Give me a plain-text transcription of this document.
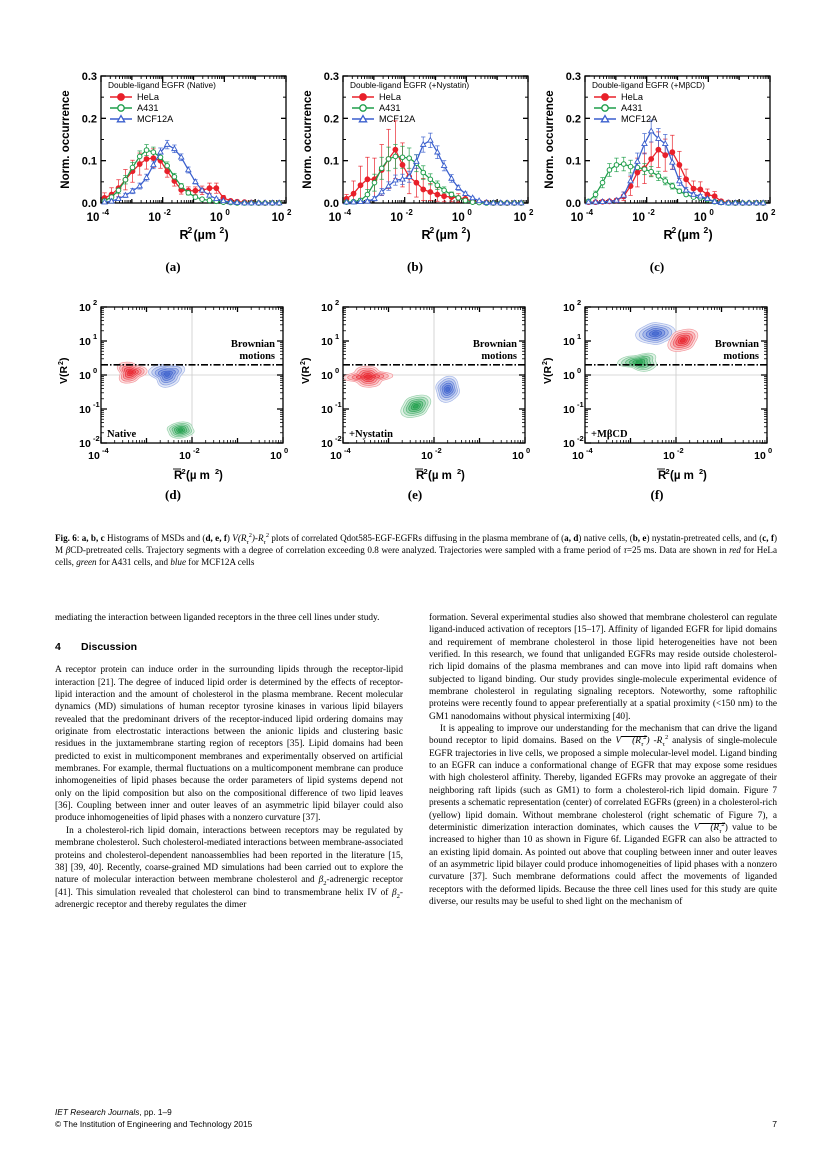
0.0
0.1
0.2
0.3
10 -4	10 -2	10 0	10 2
R
2 (µm 2 )
Norm. occurrence
Double-ligand EGFR (Native)
HeLa
A431
MCF12A
(a)
0.0
0.1
0.2
0.3
10 -4	10 -2	10 0	10 2
R
2 (µm 2 )
Norm. occurrence
Double-ligand EGFR (+Nystatin)
HeLa
A431
MCF12A
(b)
0.0
0.1
0.2
0.3
10 -4	10 -2	10 0	10 2
R
2 (µm 2 )
Norm. occurrence
Double-ligand EGFR (+MβCD)
HeLa
A431
MCF12A
(c)
10 -2
10 -1
10 0
10 1
10 2
10 -4	10 -2	10 0
R 2 (µ m 2 )
V(R
2
)
Brownian
motions
Native
(d)
10 -2
10 -1
10 0
10 1
10 2
10 -4	10 -2	10 0
R 2 (µ m 2 )
V(R
2
)
Brownian
motions
+Nystatin
(e)
10 -2
10 -1
10 0
10 1
10 2
10 -4	10 -2	10 0
R 2 (µ m 2 )
V(R
2
)
Brownian
motions
+MβCD
(f)
Fig. 6: a, b, c Histograms of MSDs and (d, e, f) $V(R_\tau^2)-R_\tau^2$ plots of correlated Qdot585-EGF-EGFRs diffusing in the plasma membrane of (a, d) native cells, (b, e) nystatin-pretreated cells, and (c, f) M βCD-pretreated cells. Trajectory segments with a degree of correlation exceeding 0.8 were analyzed. Trajectories were sampled with a frame period of τ=25 ms. Data are shown in red for HeLa cells, green for A431 cells, and blue for MCF12A cells

mediating the interaction between liganded receptors in the three cell lines under study.

4	Discussion

A receptor protein can induce order in the surrounding lipids through the receptor-lipid interaction [21]. The degree of induced lipid order is determined by the effects of receptor-lipid interaction and the amount of cholesterol in the plasma membrane. Recent molecular dynamics (MD) simulations of human receptor tyrosine kinases in various lipid bilayers revealed that the predominant drivers of the receptor-induced lipid ordering domains may originate from electrostatic interactions between the anionic lipids and clustering basic residues in the juxtamembrane starting region of receptors [35]. Lipid domains had been predicted to exist in multicomponent membranes and experimentally observed on artificial membranes. For example, thermal fluctuations on a multicomponent membrane can produce inhomogeneities of lipid phases because the order parameters of lipid systems depend not only on the lipid composition but also on the compositional difference of two lipid leaves [36]. Coupling between inner and outer leaves of an asymmetric lipid bilayer could also produce inhomogeneities of lipid phases with a nonzero curvature [37].

In a cholesterol-rich lipid domain, interactions between receptors may be regulated by membrane cholesterol. Such cholesterol-mediated interactions between membrane-associated proteins and cholesterol-dependent nanoassemblies had been reported in the literature [15, 38] [39, 40]. Recently, coarse-grained MD simulations had been carried out to explore the nature of molecular interaction between membrane cholesterol and $\beta_2$-adrenergic receptor [41]. This simulation revealed that cholesterol can bind to transmembrane helix IV of $\beta_2$-adrenergic receptor and thereby regulates the dimer

formation. Several experimental studies also showed that membrane cholesterol can regulate ligand-induced activation of receptors [15–17]. Affinity of liganded EGFR for lipid domains and requirement of membrane cholesterol in those lipid heterogeneities have not been verified. In this research, we found that unliganded EGFRs may reside outside cholesterol-rich lipid domains of the plasma membranes and can move into lipid raft domains when subjected to ligand binding. Our study provides single-molecule experimental evidence of membrane cholesterol in regulating signaling receptors. Noteworthy, some raftophilic proteins were recently found to appear preferentially at a spatial proximity (<150 nm) to the GM1 nanodomains without physical intermixing [40].

It is appealing to improve our understanding for the mechanism that can drive the ligand bound receptor to lipid domains. Based on the V $(R_\tau^2)$ $-R_\tau^2$ analysis of single-molecule EGFR trajectories in live cells, we proposed a simple molecular-level model. Ligand binding to an EGFR can induce a conformational change of EGFR that may expose some residues with high cholesterol affinity. Thereby, liganded EGFRs may provoke an aggregate of their neighboring raft lipids (such as GM1) to form a cholesterol-rich lipid domain. Figure 7 presents a schematic representation (center) of correlated EGFRs (green) in a cholesterol-rich (yellow) lipid domain. Without membrane cholesterol (right schematic of Figure 7), a deterministic dimerization interaction dominates, which causes the V $(R_\tau^2)$ value to be increased to higher than 10 as shown in Figure 6f. Liganded EGFR can also be attracted to an existing lipid domain. As pointed out above that coupling between inner and outer leaves of an asymmetric lipid bilayer could produce inhomogeneities of lipid phases with a nonzero curvature [37]. Such membrane deformations could affect the movements of liganded receptors with the deformed lipids. Because the three cell lines used for this study are quite diverse, our results may be useful to shed light on the mechanism of

IET Research Journals, pp. 1–9
© The Institution of Engineering and Technology 2015	7
